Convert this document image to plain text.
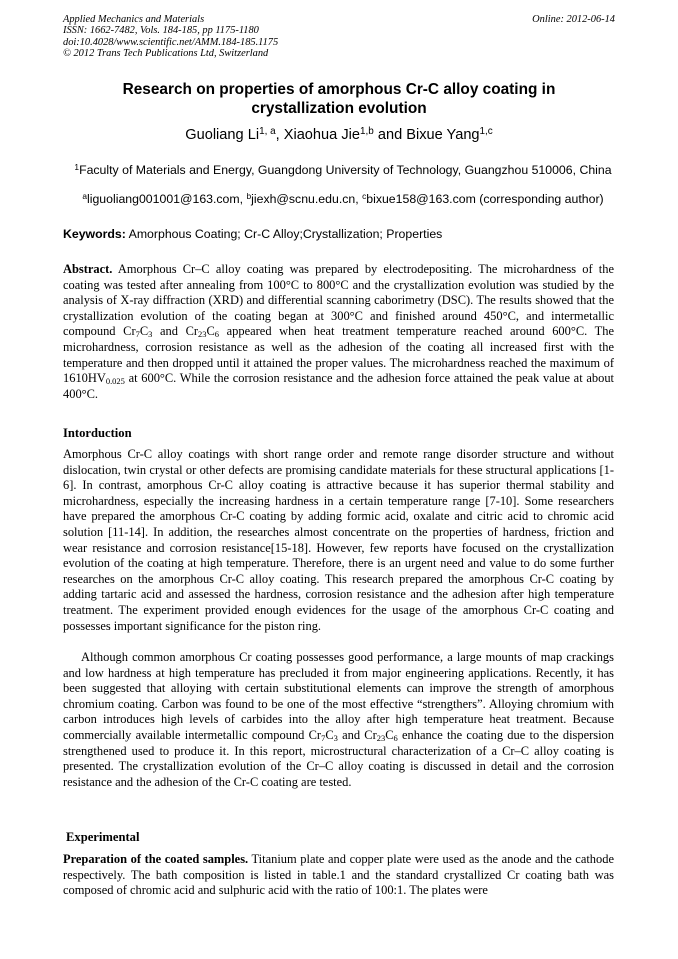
Applied Mechanics and Materials
ISSN: 1662-7482, Vols. 184-185, pp 1175-1180
doi:10.4028/www.scientific.net/AMM.184-185.1175
© 2012 Trans Tech Publications Ltd, Switzerland
Online: 2012-06-14
Research on properties of amorphous Cr-C alloy coating in
crystallization evolution
Guoliang Li$^{1, a}$, Xiaohua Jie$^{1,b}$ and Bixue Yang$^{1,c}$
$^1$Faculty of Materials and Energy, Guangdong University of Technology, Guangzhou 510006, China
$^a$liguoliang001001@163.com, $^b$jiexh@scnu.edu.cn, $^c$bixue158@163.com (corresponding author)
Keywords: Amorphous Coating; Cr-C Alloy;Crystallization; Properties
Abstract. Amorphous Cr–C alloy coating was prepared by electrodepositing. The microhardness of the coating was tested after annealing from 100°C to 800°C and the crystallization evolution was studied by the analysis of X-ray diffraction (XRD) and differential scanning caborimetry (DSC). The results showed that the crystallization evolution of the coating began at 300°C and finished around 450°C, and intermetallic compound $Cr_7C_3$ and $Cr_{23}C_6$ appeared when heat treatment temperature reached around 600°C. The microhardness, corrosion resistance as well as the adhesion of the coating all increased first with the temperature and then dropped until it attained the proper values. The microhardness reached the maximum of $1610HV_{0.025}$ at 600°C. While the corrosion resistance and the adhesion force attained the peak value at about 400°C.
Intorduction
Amorphous Cr-C alloy coatings with short range order and remote range disorder structure and without dislocation, twin crystal or other defects are promising candidate materials for these structural applications [1-6]. In contrast, amorphous Cr-C alloy coating is attractive because it has superior thermal stability and microhardness, especially the increasing hardness in a certain temperature range [7-10]. Some researchers have prepared the amorphous Cr-C coating by adding formic acid, oxalate and citric acid to chromic acid solution [11-14]. In addition, the researches almost concentrate on the properties of hardness, friction and wear resistance and corrosion resistance[15-18]. However, few reports have focused on the crystallization evolution of the coating at high temperature. Therefore, there is an urgent need and value to do some further researches on the amorphous Cr-C alloy coating. This research prepared the amorphous Cr-C coating by adding tartaric acid and assessed the hardness, corrosion resistance and the adhesion after high temperature treatment. The experiment provided enough evidences for the usage of the amorphous Cr-C coating and possesses important significance for the piston ring.
Although common amorphous Cr coating possesses good performance, a large mounts of map crackings and low hardness at high temperature has precluded it from major engineering applications. Recently, it has been suggested that alloying with certain substitutional elements can improve the strength of amorphous chromium coating. Carbon was found to be one of the most effective “strengthers”. Alloying chromium with carbon introduces high levels of carbides into the alloy after high temperature heat treatment. Because commercially available intermetallic compound $Cr_7C_3$ and $Cr_{23}C_6$ enhance the coating due to the dispersion strengthened used to produce it. In this report, microstructural characterization of a Cr–C alloy coating is presented. The crystallization evolution of the Cr–C alloy coating is discussed in detail and the corrosion resistance and the adhesion of the Cr-C coating are tested.
Experimental
Preparation of the coated samples. Titanium plate and copper plate were used as the anode and the cathode respectively. The bath composition is listed in table.1 and the standard crystallized Cr coating bath was composed of chromic acid and sulphuric acid with the ratio of 100:1. The plates were
